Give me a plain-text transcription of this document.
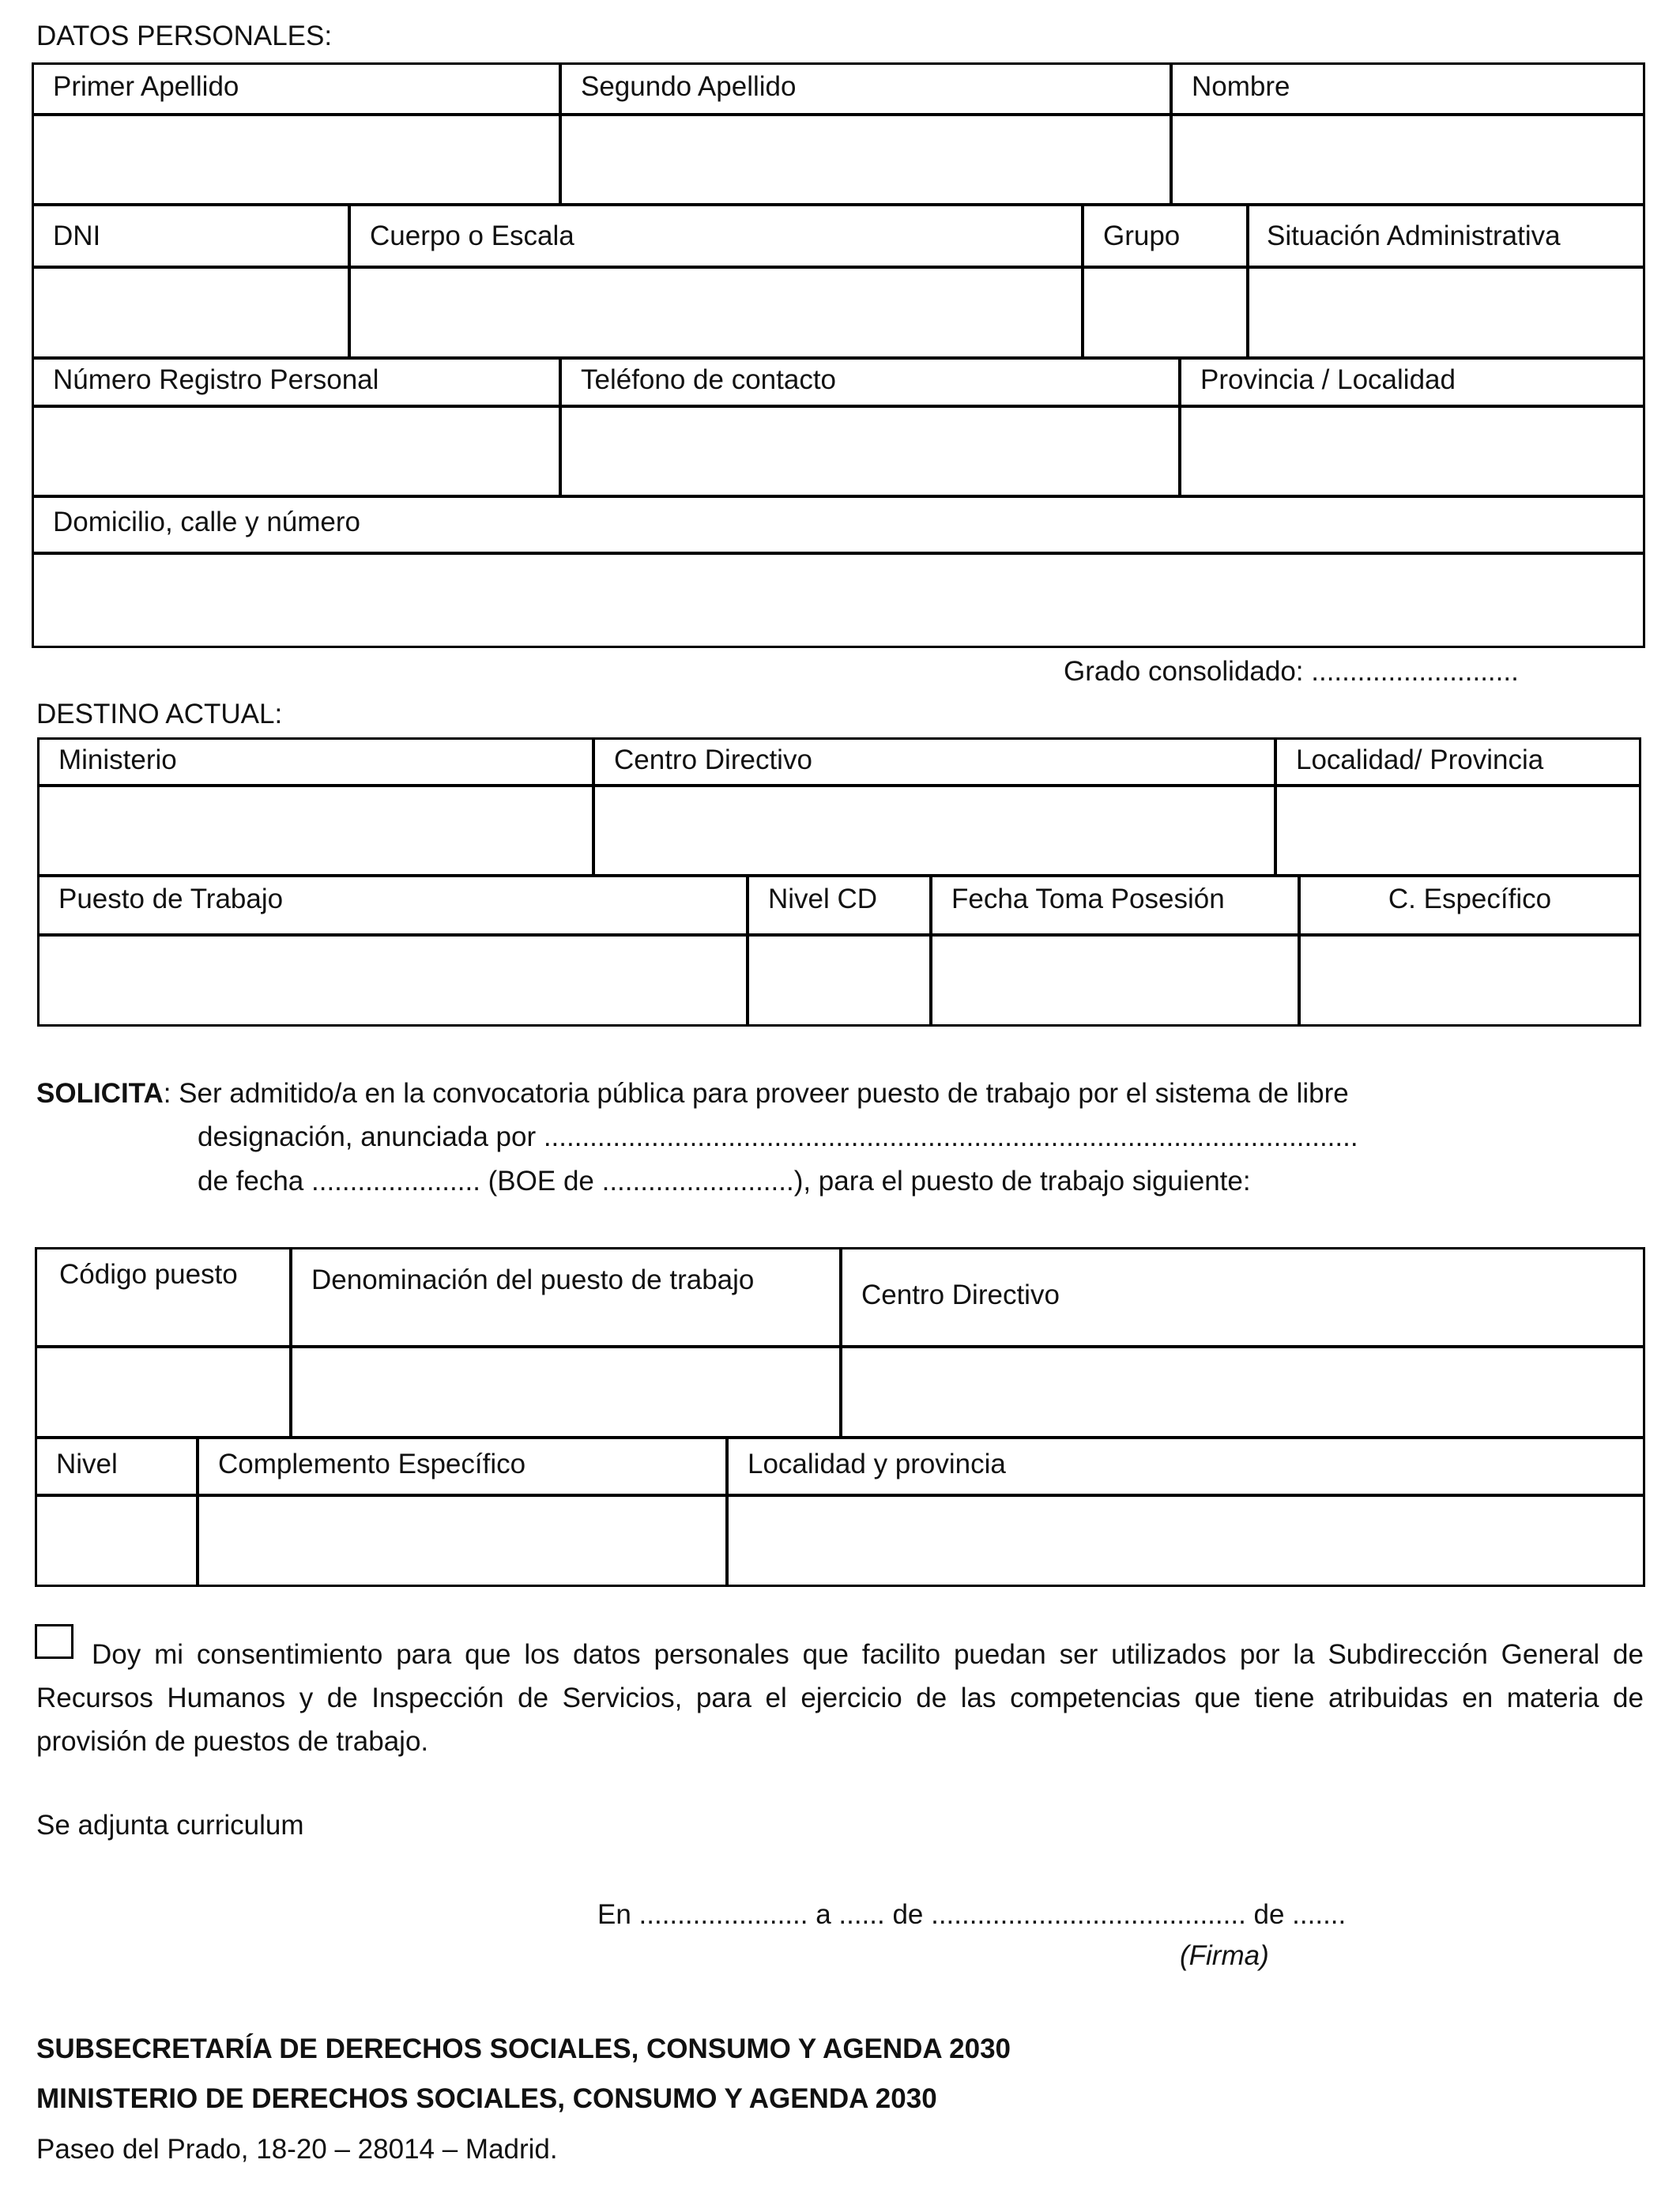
DATOS PERSONALES:
Primer Apellido	Segundo Apellido	Nombre
DNI	Cuerpo o Escala	Grupo	Situación Administrativa
Número Registro Personal	Teléfono de contacto	Provincia / Localidad
Domicilio, calle y número
Grado consolidado: ...........................
DESTINO ACTUAL:
Ministerio	Centro Directivo	Localidad/ Provincia
Puesto de Trabajo	Nivel CD	Fecha Toma Posesión	C. Específico
SOLICITA: Ser admitido/a en la convocatoria pública para proveer puesto de trabajo por el sistema de libre
designación, anunciada por ..........................................................................................................
de fecha ...................... (BOE de .........................), para el puesto de trabajo siguiente:
Código puesto	Denominación del puesto de trabajo	Centro Directivo
Nivel	Complemento Específico	Localidad y provincia
Doy mi consentimiento para que los datos personales que facilito puedan ser utilizados por la Subdirección General de Recursos Humanos y de Inspección de Servicios, para el ejercicio de las competencias que tiene atribuidas en materia de provisión de puestos de trabajo.
Se adjunta curriculum
En ...................... a ...... de ......................................... de .......
(Firma)
SUBSECRETARÍA DE DERECHOS SOCIALES, CONSUMO Y AGENDA 2030
MINISTERIO DE DERECHOS SOCIALES, CONSUMO Y AGENDA 2030
Paseo del Prado, 18-20 – 28014 – Madrid.
